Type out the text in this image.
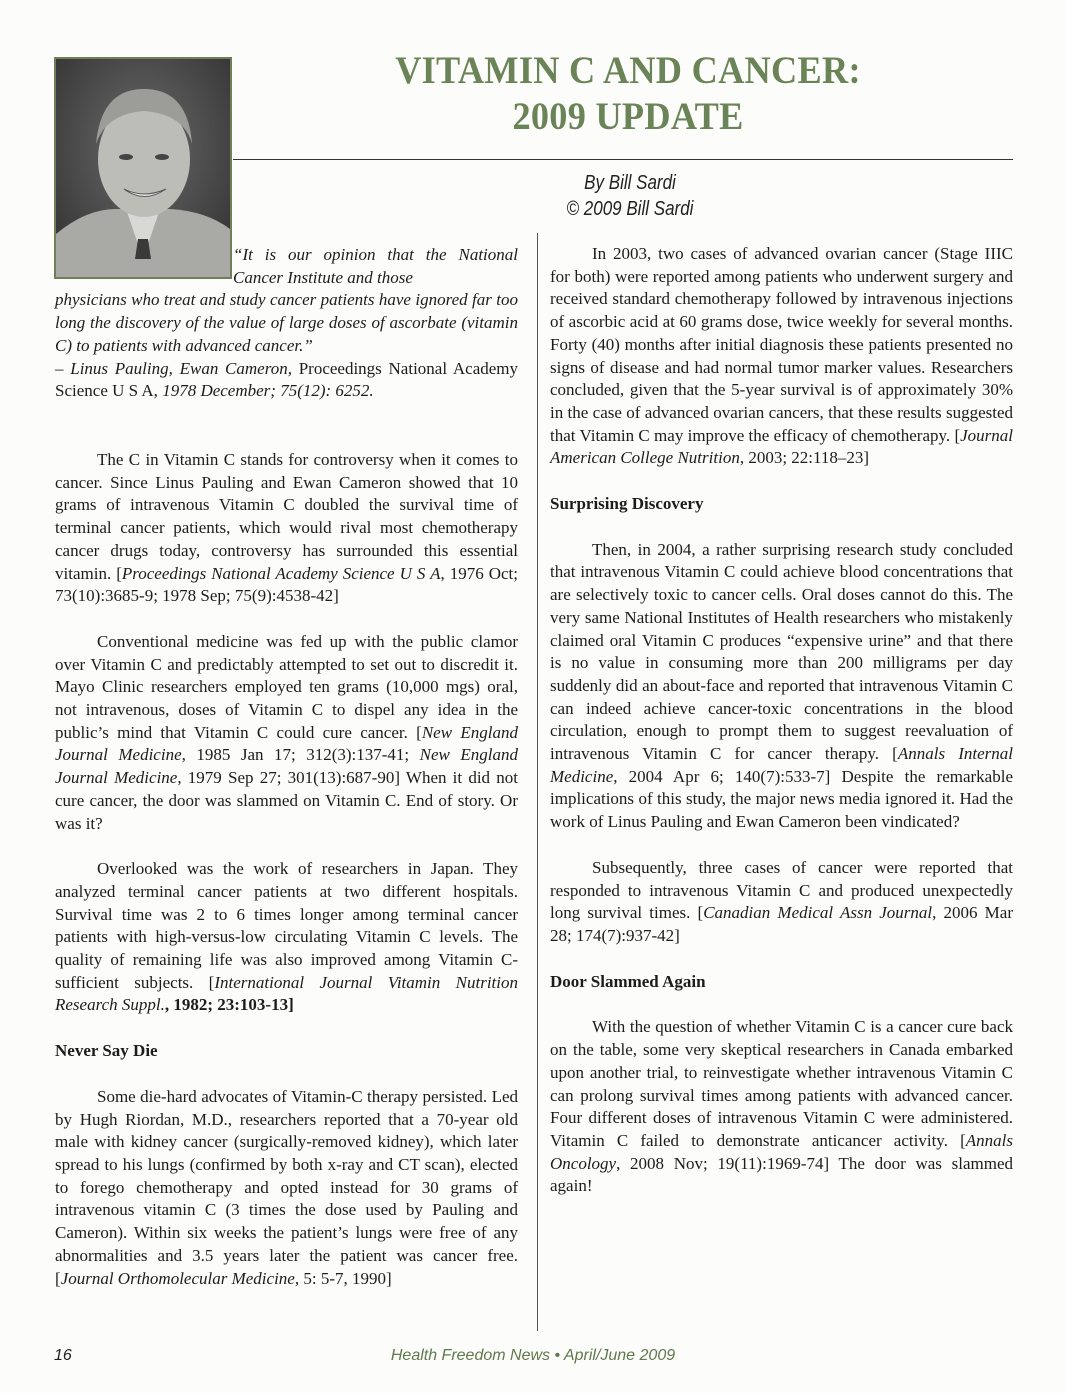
VITAMIN C AND CANCER:
2009 UPDATE
By Bill Sardi
© 2009 Bill Sardi
“It is our opinion that the National Cancer Institute and those
physicians who treat and study cancer patients have ignored far too long the discovery of the value of large doses of ascorbate (vitamin C) to patients with advanced cancer.”
– Linus Pauling, Ewan Cameron, Proceedings National Academy Science U S A, 1978 December; 75(12): 6252.

The C in Vitamin C stands for controversy when it comes to cancer. Since Linus Pauling and Ewan Cameron showed that 10 grams of intravenous Vitamin C doubled the survival time of terminal cancer patients, which would rival most chemotherapy cancer drugs today, controversy has surrounded this essential vitamin. [Proceedings National Academy Science U S A, 1976 Oct; 73(10):3685-9; 1978 Sep; 75(9):4538-42]

Conventional medicine was fed up with the public clamor over Vitamin C and predictably attempted to set out to discredit it. Mayo Clinic researchers employed ten grams (10,000 mgs) oral, not intravenous, doses of Vitamin C to dispel any idea in the public’s mind that Vitamin C could cure cancer. [New England Journal Medicine, 1985 Jan 17; 312(3):137-41; New England Journal Medicine, 1979 Sep 27; 301(13):687-90] When it did not cure cancer, the door was slammed on Vitamin C. End of story. Or was it?

Overlooked was the work of researchers in Japan. They analyzed terminal cancer patients at two different hospitals. Survival time was 2 to 6 times longer among terminal cancer patients with high-versus-low circulating Vitamin C levels. The quality of remaining life was also improved among Vitamin C-sufficient subjects. [International Journal Vitamin Nutrition Research Suppl., 1982; 23:103-13]

Never Say Die

Some die-hard advocates of Vitamin-C therapy persisted. Led by Hugh Riordan, M.D., researchers reported that a 70-year old male with kidney cancer (surgically-removed kidney), which later spread to his lungs (confirmed by both x-ray and CT scan), elected to forego chemotherapy and opted instead for 30 grams of intravenous vitamin C (3 times the dose used by Pauling and Cameron). Within six weeks the patient’s lungs were free of any abnormalities and 3.5 years later the patient was cancer free. [Journal Orthomolecular Medicine, 5: 5-7, 1990]

In 2003, two cases of advanced ovarian cancer (Stage IIIC for both) were reported among patients who underwent surgery and received standard chemotherapy followed by intravenous injections of ascorbic acid at 60 grams dose, twice weekly for several months. Forty (40) months after initial diagnosis these patients presented no signs of disease and had normal tumor marker values. Researchers concluded, given that the 5-year survival is of approximately 30% in the case of advanced ovarian cancers, that these results suggested that Vitamin C may improve the efficacy of chemotherapy. [Journal American College Nutrition, 2003; 22:118–23]

Surprising Discovery

Then, in 2004, a rather surprising research study concluded that intravenous Vitamin C could achieve blood concentrations that are selectively toxic to cancer cells. Oral doses cannot do this. The very same National Institutes of Health researchers who mistakenly claimed oral Vitamin C produces “expensive urine” and that there is no value in consuming more than 200 milligrams per day suddenly did an about-face and reported that intravenous Vitamin C can indeed achieve cancer-toxic concentrations in the blood circulation, enough to prompt them to suggest reevaluation of intravenous Vitamin C for cancer therapy. [Annals Internal Medicine, 2004 Apr 6; 140(7):533-7] Despite the remarkable implications of this study, the major news media ignored it. Had the work of Linus Pauling and Ewan Cameron been vindicated?

Subsequently, three cases of cancer were reported that responded to intravenous Vitamin C and produced unexpectedly long survival times. [Canadian Medical Assn Journal, 2006 Mar 28; 174(7):937-42]

Door Slammed Again

With the question of whether Vitamin C is a cancer cure back on the table, some very skeptical researchers in Canada embarked upon another trial, to reinvestigate whether intravenous Vitamin C can prolong survival times among patients with advanced cancer. Four different doses of intravenous Vitamin C were administered. Vitamin C failed to demonstrate anticancer activity. [Annals Oncology, 2008 Nov; 19(11):1969-74] The door was slammed again!

16	Health Freedom News • April/June 2009
